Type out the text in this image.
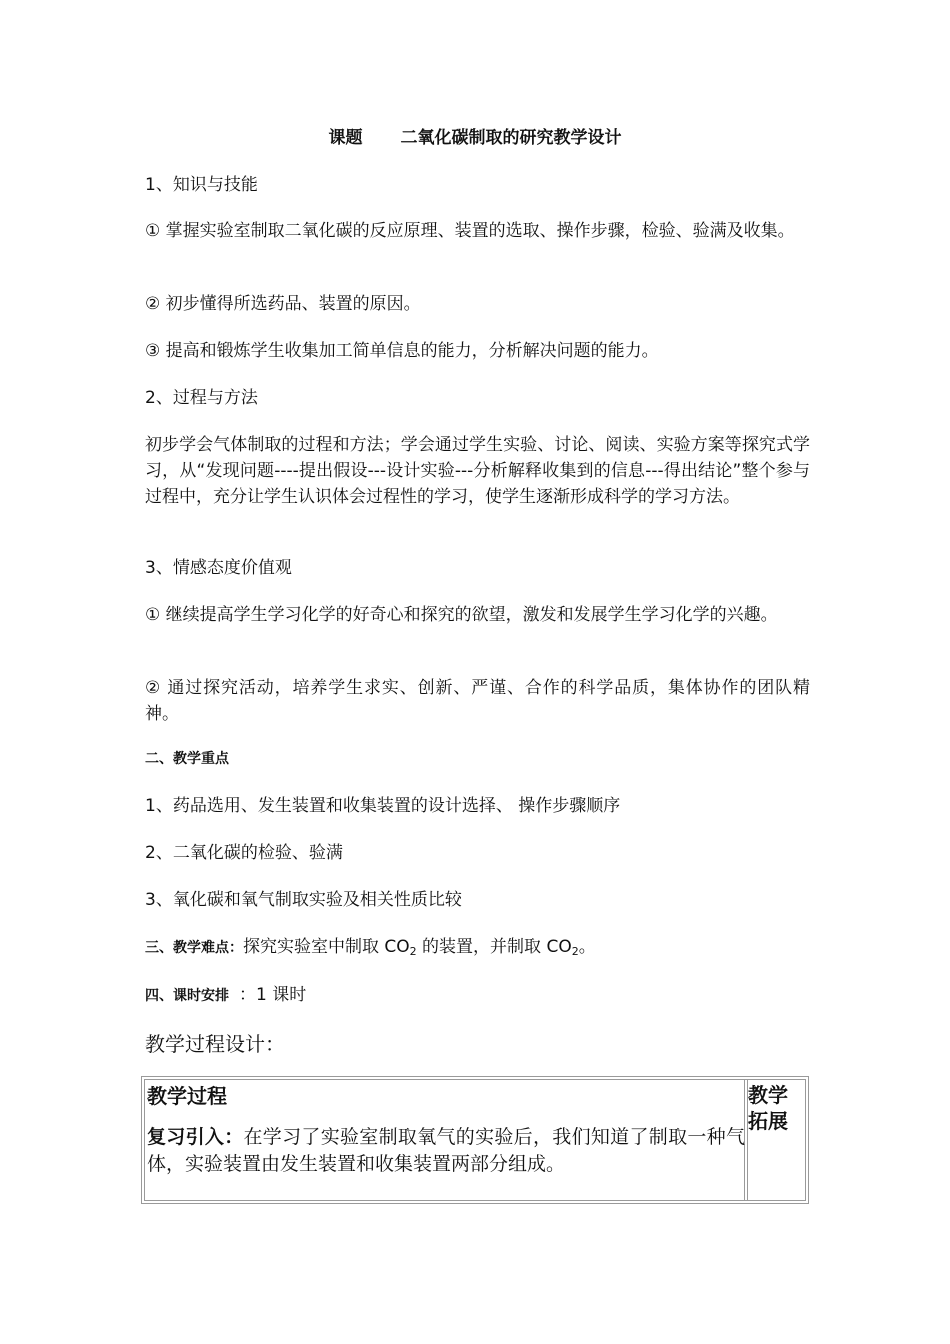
课题 二氧化碳制取的研究教学设计
1、知识与技能
① 掌握实验室制取二氧化碳的反应原理、装置的选取、操作步骤，检验、验满及收集。
② 初步懂得所选药品、装置的原因。
③ 提高和锻炼学生收集加工简单信息的能力，分析解决问题的能力。
2、过程与方法
初步学会气体制取的过程和方法；学会通过学生实验、讨论、阅读、实验方案等探究式学习，从“发现问题----提出假设---设计实验---分析解释收集到的信息---得出结论”整个参与过程中，充分让学生认识体会过程性的学习，使学生逐渐形成科学的学习方法。
3、情感态度价值观
① 继续提高学生学习化学的好奇心和探究的欲望，激发和发展学生学习化学的兴趣。
② 通过探究活动，培养学生求实、创新、严谨、合作的科学品质，集体协作的团队精神。
二、教学重点
1、药品选用、发生装置和收集装置的设计选择、 操作步骤顺序
2、二氧化碳的检验、验满
3、氧化碳和氧气制取实验及相关性质比较
三、教学难点：探究实验室中制取 $CO_2$ 的装置，并制取 $CO_2$。
四、课时安排 ：1 课时
教学过程设计：
教学过程
复习引入：在学习了实验室制取氧气的实验后，我们知道了制取一种气体，实验装置由发生装置和收集装置两部分组成。
教学拓展
